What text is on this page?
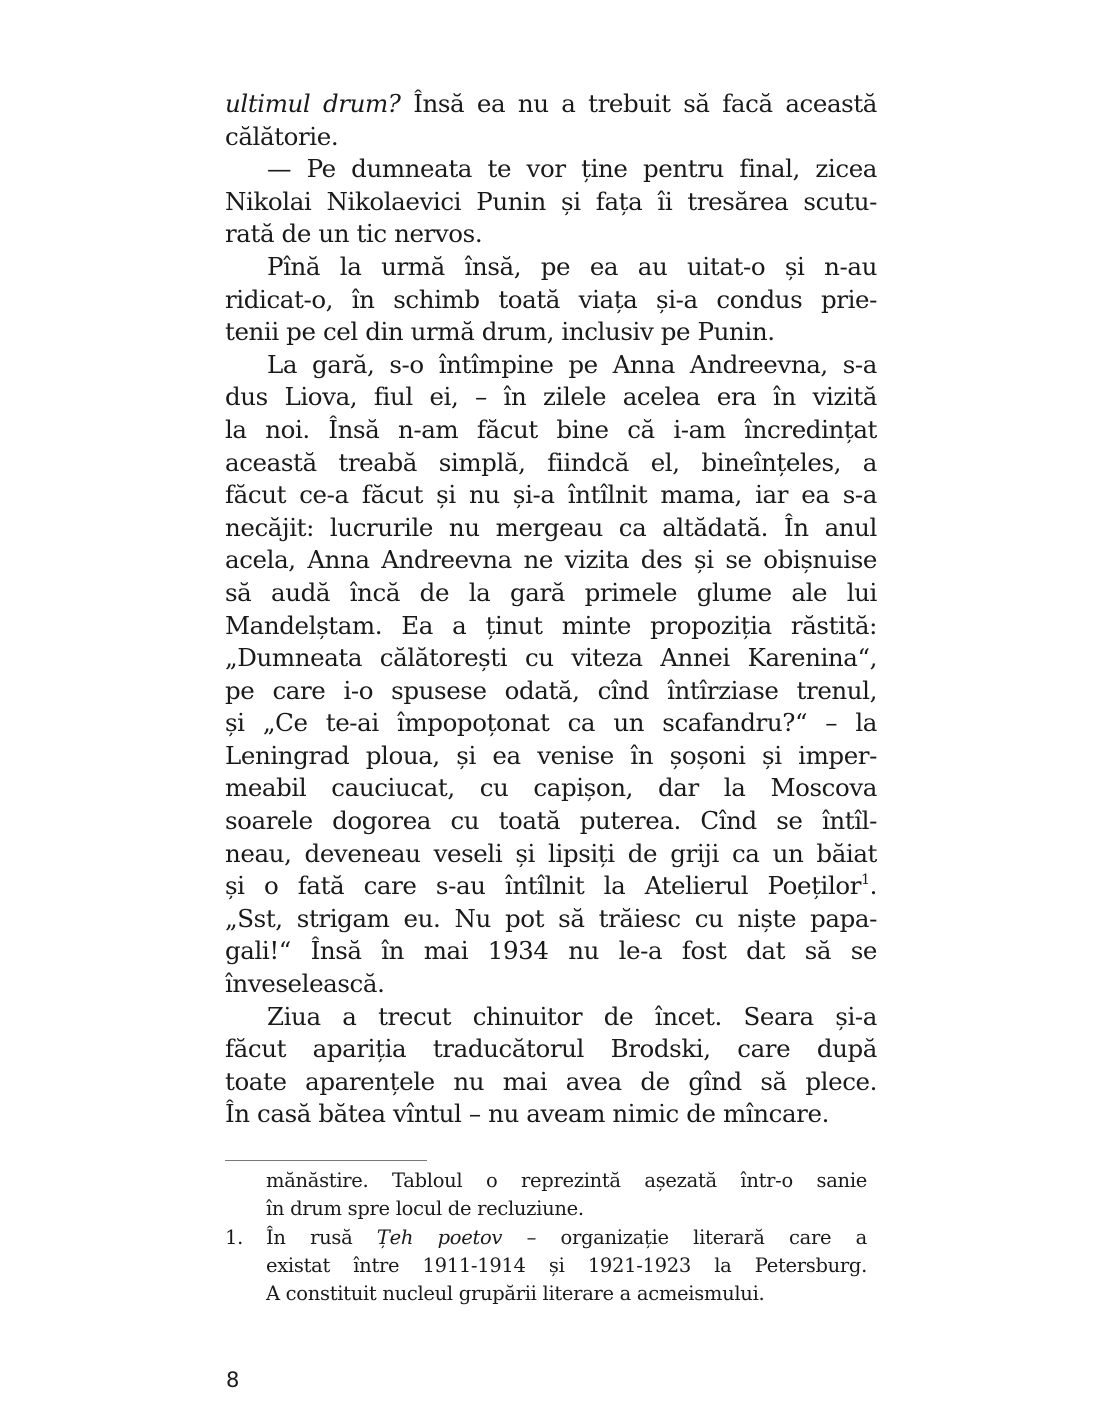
ultimul drum? Însă ea nu a trebuit să facă această
călătorie.
— Pe dumneata te vor ține pentru final, zicea
Nikolai Nikolaevici Punin și fața îi tresărea scutu-
rată de un tic nervos.
Pînă la urmă însă, pe ea au uitat-o și n-au
ridicat-o, în schimb toată viața și-a condus prie-
tenii pe cel din urmă drum, inclusiv pe Punin.
La gară, s-o întîmpine pe Anna Andreevna, s-a
dus Liova, fiul ei, – în zilele acelea era în vizită
la noi. Însă n-am făcut bine că i-am încredințat
această treabă simplă, fiindcă el, bineînțeles, a
făcut ce-a făcut și nu și-a întîlnit mama, iar ea s-a
necăjit: lucrurile nu mergeau ca altădată. În anul
acela, Anna Andreevna ne vizita des și se obișnuise
să audă încă de la gară primele glume ale lui
Mandelștam. Ea a ținut minte propoziția răstită:
„Dumneata călătorești cu viteza Annei Karenina“,
pe care i-o spusese odată, cînd întîrziase trenul,
și „Ce te-ai împopoțonat ca un scafandru?“ – la
Leningrad ploua, și ea venise în șoșoni și imper-
meabil cauciucat, cu capișon, dar la Moscova
soarele dogorea cu toată puterea. Cînd se întîl-
neau, deveneau veseli și lipsiți de griji ca un băiat
și o fată care s-au întîlnit la Atelierul Poeților$^1$.
„Sst, strigam eu. Nu pot să trăiesc cu niște papa-
gali!“ Însă în mai 1934 nu le-a fost dat să se
înveselească.
Ziua a trecut chinuitor de încet. Seara și-a
făcut apariția traducătorul Brodski, care după
toate aparențele nu mai avea de gînd să plece.
În casă bătea vîntul – nu aveam nimic de mîncare.
mănăstire. Tabloul o reprezintă așezată într-o sanie
în drum spre locul de recluziune.
1. În rusă Țeh poetov – organizație literară care a
existat între 1911-1914 și 1921-1923 la Petersburg.
A constituit nucleul grupării literare a acmeismului.
8
